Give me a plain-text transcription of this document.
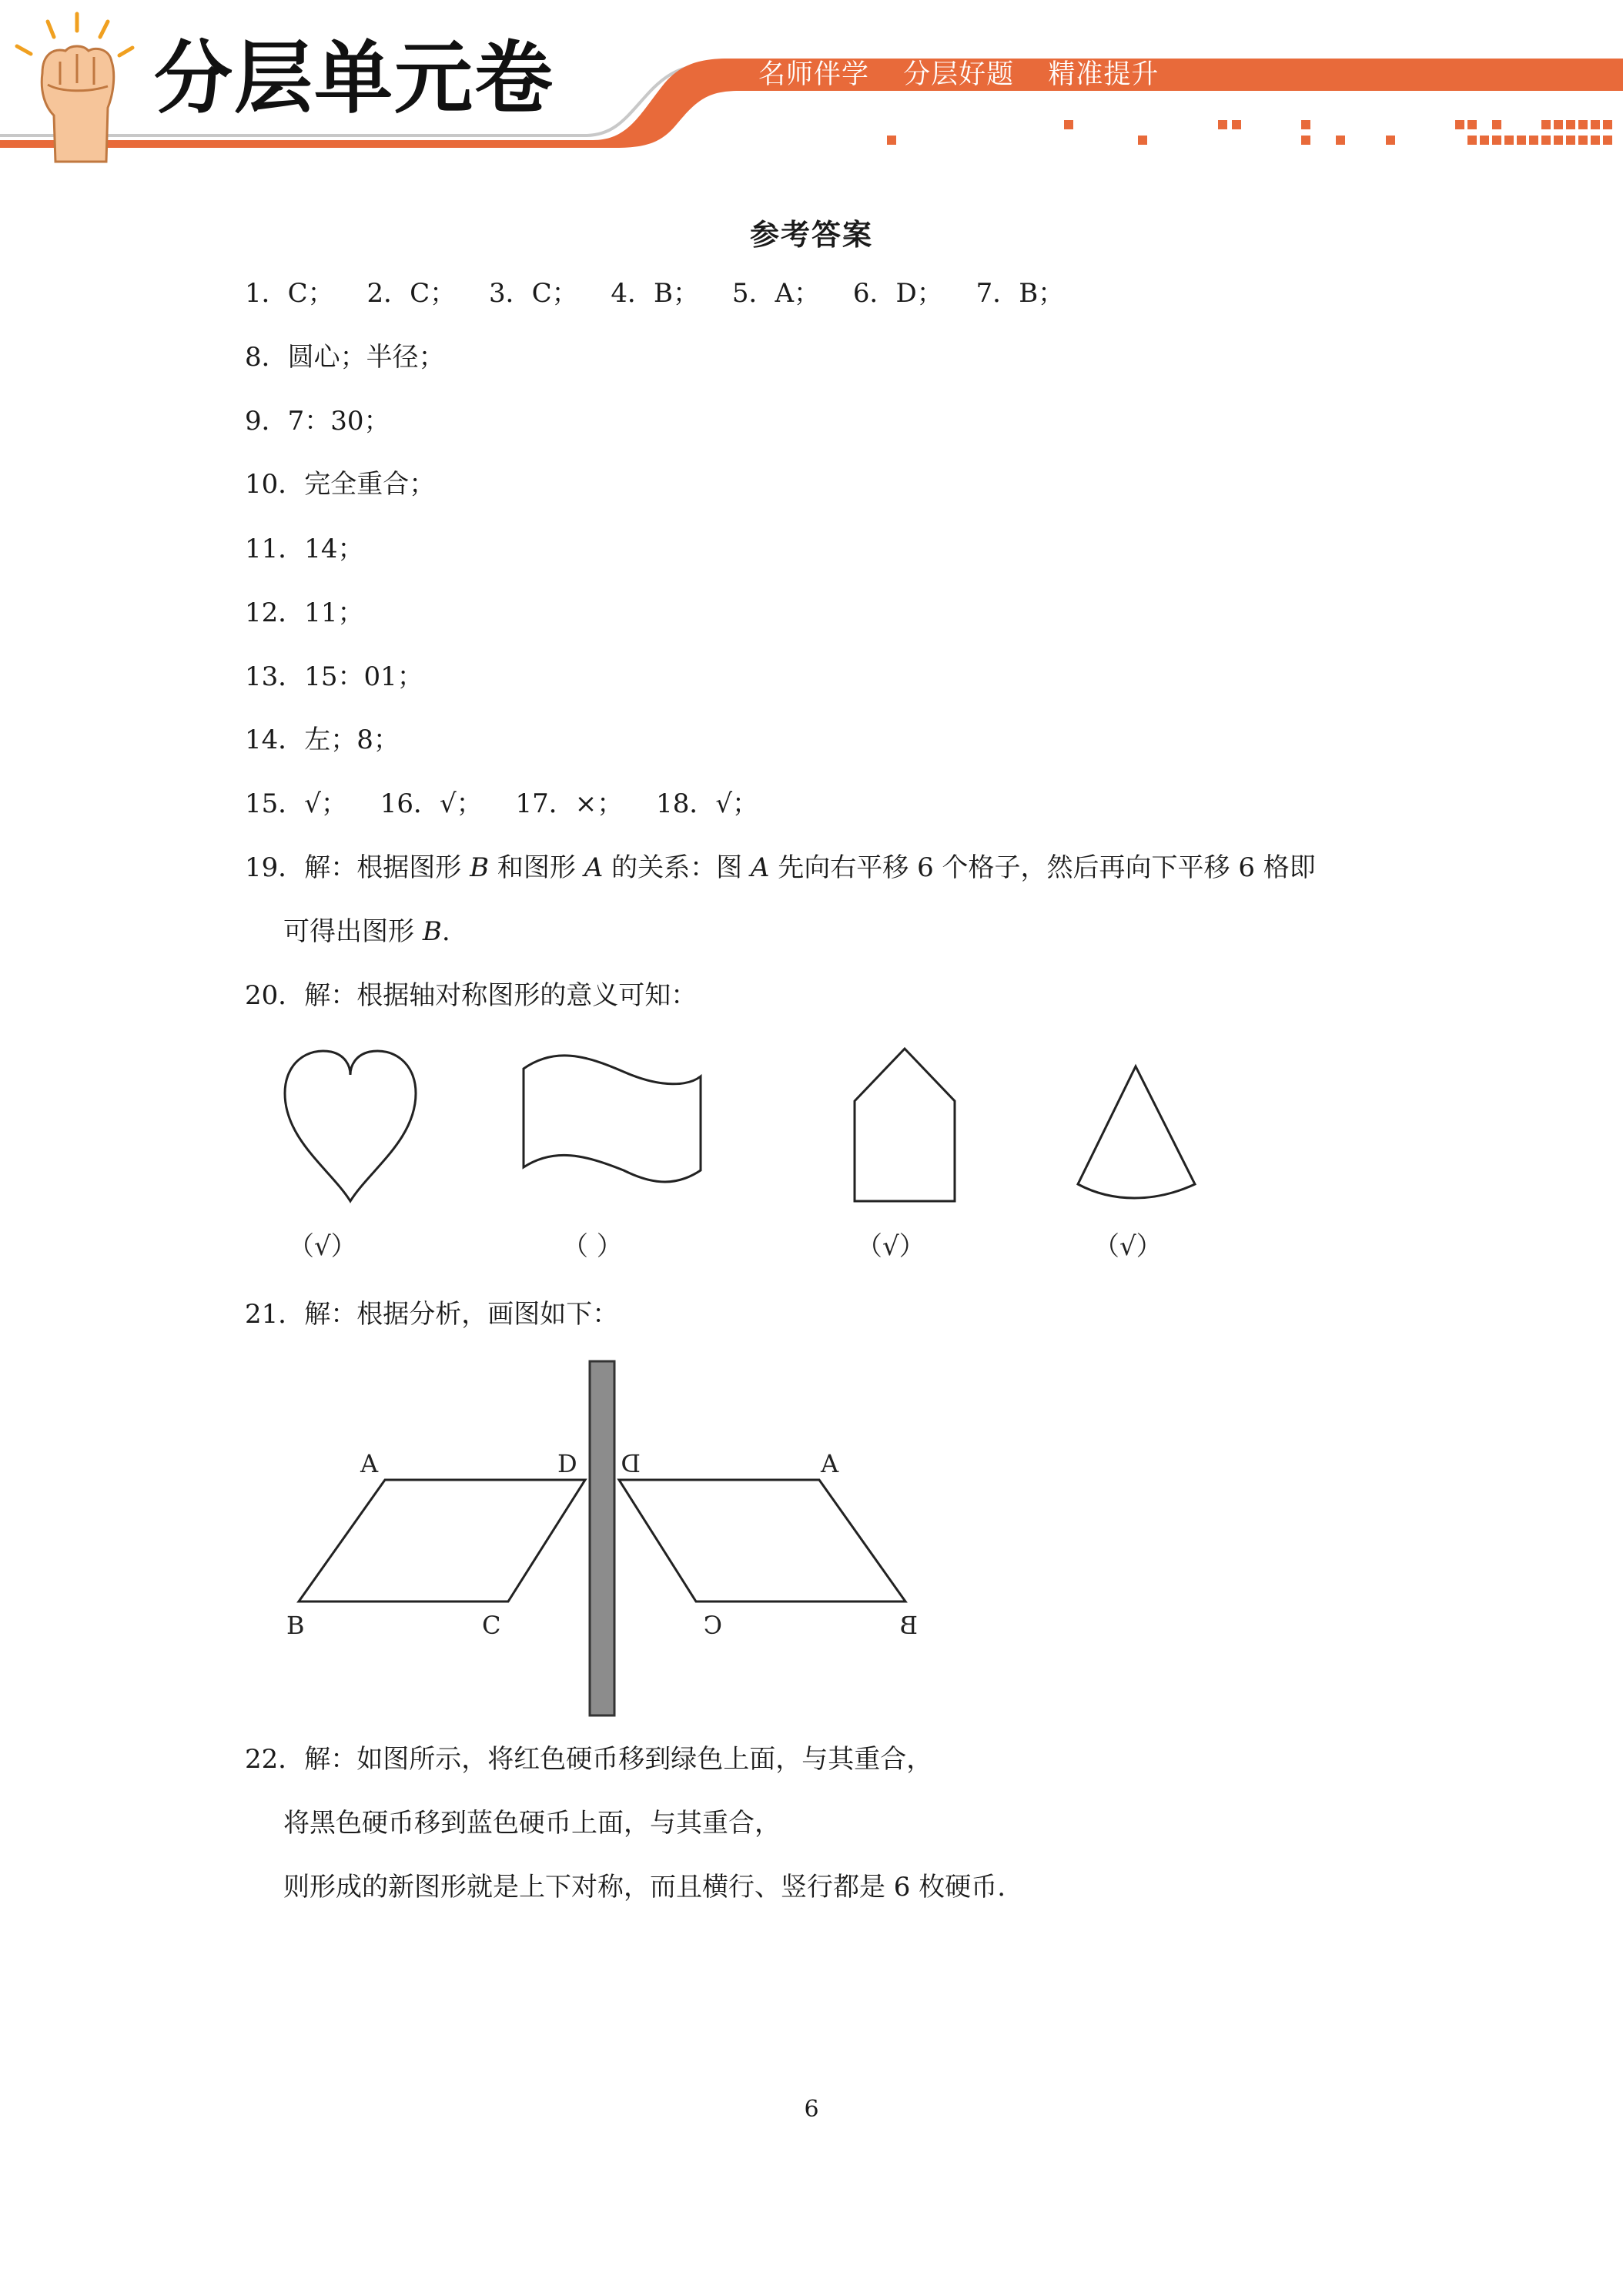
分层单元卷	名师伴学 分层好题 精准提升
参考答案
1．C； 2．C； 3．C； 4．B； 5．A； 6．D； 7．B；
8．圆心；半径；
9．7：30；
10．完全重合；
11．14；
12．11；
13．15：01；
14．左；8；
15．√； 16．√； 17．×； 18．√；
19．解：根据图形 B 和图形 A 的关系：图 A 先向右平移 6 个格子，然后再向下平移 6 格即
可得出图形 B.
20．解：根据轴对称图形的意义可知：
（√）	（ ）	（√）	（√）
21．解：根据分析，画图如下：
A	D
B	C
D	A
C	B
22．解：如图所示，将红色硬币移到绿色上面，与其重合，
将黑色硬币移到蓝色硬币上面，与其重合，
则形成的新图形就是上下对称，而且横行、竖行都是 6 枚硬币.
6
